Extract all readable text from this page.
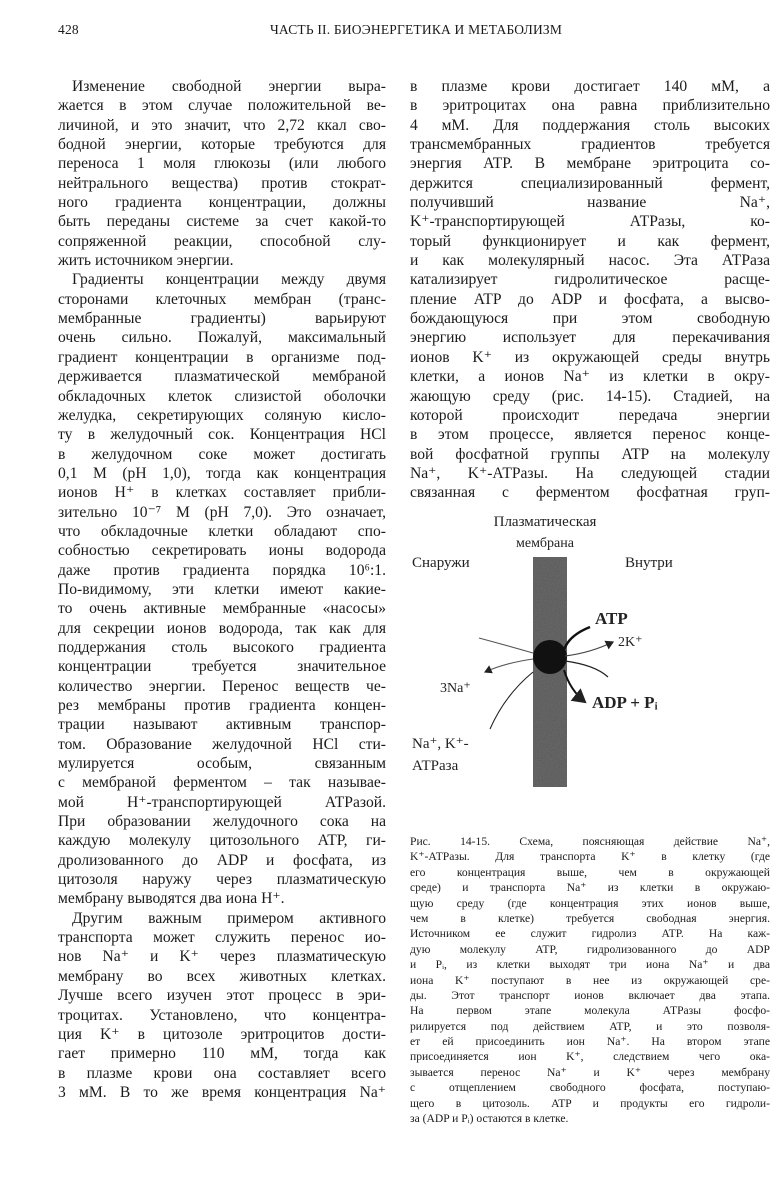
428	ЧАСТЬ II. БИОЭНЕРГЕТИКА И МЕТАБОЛИЗМ
Изменение свободной энергии выра-
жается в этом случае положительной ве-
личиной, и это значит, что 2,72 ккал сво-
бодной энергии, которые требуются для
переноса 1 моля глюкозы (или любого
нейтрального вещества) против стократ-
ного градиента концентрации, должны
быть переданы системе за счет какой-то
сопряженной реакции, способной слу-
жить источником энергии.
Градиенты концентрации между двумя
сторонами клеточных мембран (транс-
мембранные градиенты) варьируют
очень сильно. Пожалуй, максимальный
градиент концентрации в организме под-
держивается плазматической мембраной
обкладочных клеток слизистой оболочки
желудка, секретирующих соляную кисло-
ту в желудочный сок. Концентрация HCl
в желудочном соке может достигать
0,1 M (pH 1,0), тогда как концентрация
ионов H⁺ в клетках составляет прибли-
зительно 10⁻⁷ M (pH 7,0). Это означает,
что обкладочные клетки обладают спо-
собностью секретировать ионы водорода
даже против градиента порядка 10⁶:1.
По-видимому, эти клетки имеют какие-
то очень активные мембранные «насосы»
для секреции ионов водорода, так как для
поддержания столь высокого градиента
концентрации требуется значительное
количество энергии. Перенос веществ че-
рез мембраны против градиента концен-
трации называют активным транспор-
том. Образование желудочной HCl сти-
мулируется особым, связанным
с мембраной ферментом – так называе-
мой H⁺-транспортирующей АТРазой.
При образовании желудочного сока на
каждую молекулу цитозольного ATP, ги-
дролизованного до ADP и фосфата, из
цитозоля наружу через плазматическую
мембрану выводятся два иона H⁺.
Другим важным примером активного
транспорта может служить перенос ио-
нов Na⁺ и K⁺ через плазматическую
мембрану во всех животных клетках.
Лучше всего изучен этот процесс в эри-
троцитах. Установлено, что концентра-
ция K⁺ в цитозоле эритроцитов дости-
гает примерно 110 мМ, тогда как
в плазме крови она составляет всего
3 мМ. В то же время концентрация Na⁺
в плазме крови достигает 140 мМ, а
в эритроцитах она равна приблизительно
4 мМ. Для поддержания столь высоких
трансмембранных градиентов требуется
энергия ATP. В мембране эритроцита со-
держится специализированный фермент,
получивший название Na⁺,
K⁺-транспортирующей АТРазы, ко-
торый функционирует и как фермент,
и как молекулярный насос. Эта АТРаза
катализирует гидролитическое расще-
пление ATP до ADP и фосфата, а высво-
бождающуюся при этом свободную
энергию использует для перекачивания
ионов K⁺ из окружающей среды внутрь
клетки, а ионов Na⁺ из клетки в окру-
жающую среду (рис. 14-15). Стадией, на
которой происходит передача энергии
в этом процессе, является перенос конце-
вой фосфатной группы ATP на молекулу
Na⁺, K⁺-АТРазы. На следующей стадии
связанная с ферментом фосфатная груп-
Плазматическая
мембрана
Снаружи	Внутри
ATP
2K⁺
3Na⁺
ADP + Pᵢ
Na⁺, K⁺-
АТРаза
Рис. 14-15. Схема, поясняющая действие Na⁺,
K⁺-АТРазы. Для транспорта K⁺ в клетку (где
его концентрация выше, чем в окружающей
среде) и транспорта Na⁺ из клетки в окружаю-
щую среду (где концентрация этих ионов выше,
чем в клетке) требуется свободная энергия.
Источником ее служит гидролиз ATP. На каж-
дую молекулу ATP, гидролизованного до ADP
и Pᵢ, из клетки выходят три иона Na⁺ и два
иона K⁺ поступают в нее из окружающей сре-
ды. Этот транспорт ионов включает два этапа.
На первом этапе молекула АТРазы фосфо-
рилируется под действием ATP, и это позволя-
ет ей присоединить ион Na⁺. На втором этапе
присоединяется ион K⁺, следствием чего ока-
зывается перенос Na⁺ и K⁺ через мембрану
с отщеплением свободного фосфата, поступаю-
щего в цитозоль. ATP и продукты его гидроли-
за (ADP и Pᵢ) остаются в клетке.
